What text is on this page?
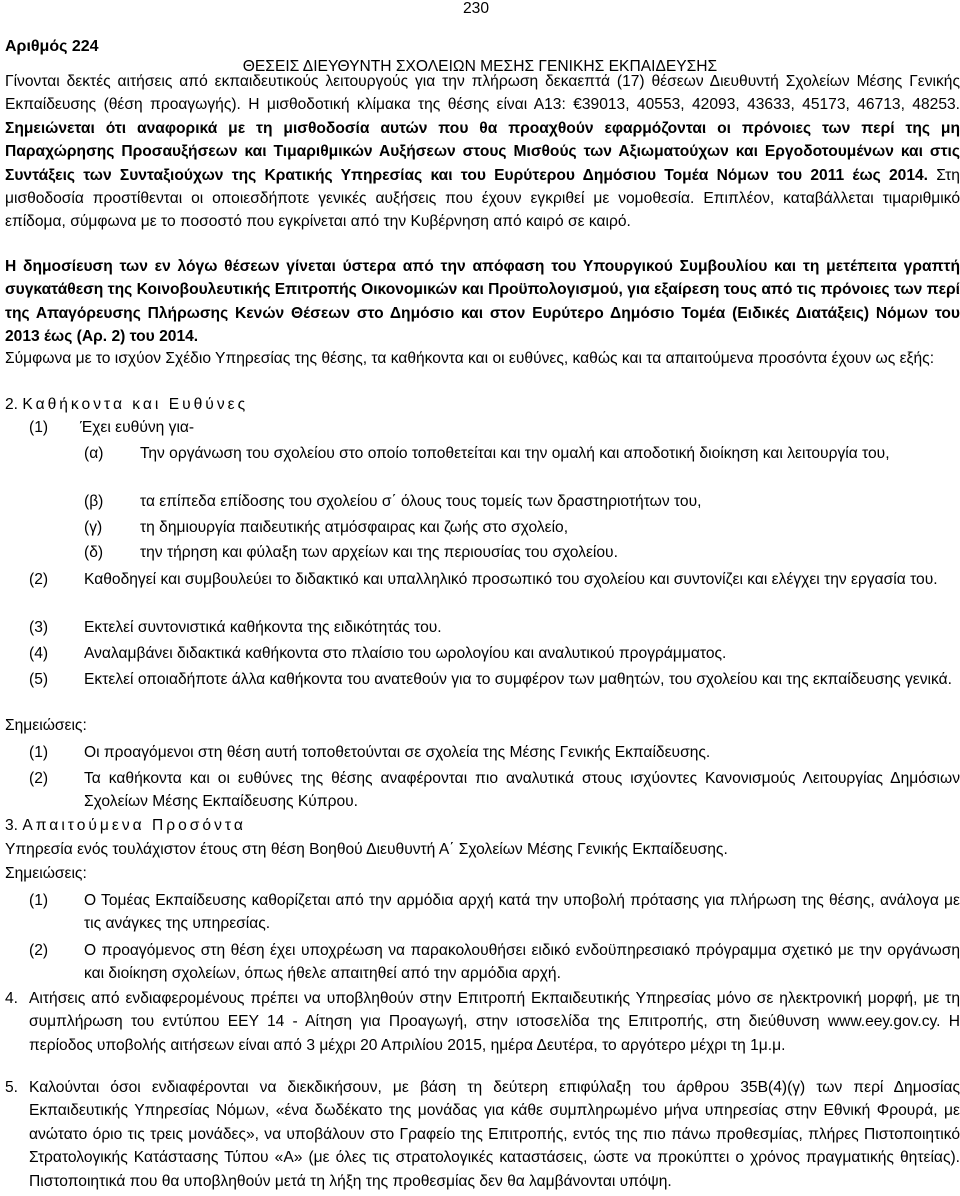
230
Αριθμός 224
ΘΕΣΕΙΣ ΔΙΕΥΘΥΝΤΗ ΣΧΟΛΕΙΩΝ ΜΕΣΗΣ ΓΕΝΙΚΗΣ ΕΚΠΑΙΔΕΥΣΗΣ
Γίνονται δεκτές αιτήσεις από εκπαιδευτικούς λειτουργούς για την πλήρωση δεκαεπτά (17) θέσεων Διευθυντή Σχολείων Μέσης Γενικής Εκπαίδευσης (θέση προαγωγής). Η μισθοδοτική κλίμακα της θέσης είναι Α13: €39013, 40553, 42093, 43633, 45173, 46713, 48253. Σημειώνεται ότι αναφορικά με τη μισθοδοσία αυτών που θα προαχθούν εφαρμόζονται οι πρόνοιες των περί της μη Παραχώρησης Προσαυξήσεων και Τιμαριθμικών Αυξήσεων στους Μισθούς των Αξιωματούχων και Εργοδοτουμένων και στις Συντάξεις των Συνταξιούχων της Κρατικής Υπηρεσίας και του Ευρύτερου Δημόσιου Τομέα Νόμων του 2011 έως 2014. Στη μισθοδοσία προστίθενται οι οποιεσδήποτε γενικές αυξήσεις που έχουν εγκριθεί με νομοθεσία. Επιπλέον, καταβάλλεται τιμαριθμικό επίδομα, σύμφωνα με το ποσοστό που εγκρίνεται από την Κυβέρνηση από καιρό σε καιρό.
Η δημοσίευση των εν λόγω θέσεων γίνεται ύστερα από την απόφαση του Υπουργικού Συμβουλίου και τη μετέπειτα γραπτή συγκατάθεση της Κοινοβουλευτικής Επιτροπής Οικονομικών και Προϋπολογισμού, για εξαίρεση τους από τις πρόνοιες των περί της Απαγόρευσης Πλήρωσης Κενών Θέσεων στο Δημόσιο και στον Ευρύτερο Δημόσιο Τομέα (Ειδικές Διατάξεις) Νόμων του 2013 έως (Αρ. 2) του 2014.
Σύμφωνα με το ισχύον Σχέδιο Υπηρεσίας της θέσης, τα καθήκοντα και οι ευθύνες, καθώς και τα απαιτούμενα προσόντα έχουν ως εξής:
2. Καθήκοντα και Ευθύνες
(1) Έχει ευθύνη για-
(α) Την οργάνωση του σχολείου στο οποίο τοποθετείται και την ομαλή και αποδοτική διοίκηση και λειτουργία του,
(β) τα επίπεδα επίδοσης του σχολείου σ΄ όλους τους τομείς των δραστηριοτήτων του,
(γ) τη δημιουργία παιδευτικής ατμόσφαιρας και ζωής στο σχολείο,
(δ) την τήρηση και φύλαξη των αρχείων και της περιουσίας του σχολείου.
(2) Καθοδηγεί και συμβουλεύει το διδακτικό και υπαλληλικό προσωπικό του σχολείου και συντονίζει και ελέγχει την εργασία του.
(3) Εκτελεί συντονιστικά καθήκοντα της ειδικότητάς του.
(4) Αναλαμβάνει διδακτικά καθήκοντα στο πλαίσιο του ωρολογίου και αναλυτικού προγράμματος.
(5) Εκτελεί οποιαδήποτε άλλα καθήκοντα του ανατεθούν για το συμφέρον των μαθητών, του σχολείου και της εκπαίδευσης γενικά.
Σημειώσεις:
(1) Οι προαγόμενοι στη θέση αυτή τοποθετούνται σε σχολεία της Μέσης Γενικής Εκπαίδευσης.
(2) Τα καθήκοντα και οι ευθύνες της θέσης αναφέρονται πιο αναλυτικά στους ισχύοντες Κανονισμούς Λειτουργίας Δημόσιων Σχολείων Μέσης Εκπαίδευσης Κύπρου.
3. Απαιτούμενα Προσόντα
Υπηρεσία ενός τουλάχιστον έτους στη θέση Βοηθού Διευθυντή Α΄ Σχολείων Μέσης Γενικής Εκπαίδευσης.
Σημειώσεις:
(1) Ο Τομέας Εκπαίδευσης καθορίζεται από την αρμόδια αρχή κατά την υποβολή πρότασης για πλήρωση της θέσης, ανάλογα με τις ανάγκες της υπηρεσίας.
(2) Ο προαγόμενος στη θέση έχει υποχρέωση να παρακολουθήσει ειδικό ενδοϋπηρεσιακό πρόγραμμα σχετικό με την οργάνωση και διοίκηση σχολείων, όπως ήθελε απαιτηθεί από την αρμόδια αρχή.
4. Αιτήσεις από ενδιαφερομένους πρέπει να υποβληθούν στην Επιτροπή Εκπαιδευτικής Υπηρεσίας μόνο σε ηλεκτρονική μορφή, με τη συμπλήρωση του εντύπου ΕΕΥ 14 - Αίτηση για Προαγωγή, στην ιστοσελίδα της Επιτροπής, στη διεύθυνση www.eey.gov.cy. Η περίοδος υποβολής αιτήσεων είναι από 3 μέχρι 20 Απριλίου 2015, ημέρα Δευτέρα, το αργότερο μέχρι τη 1μ.μ.
5. Καλούνται όσοι ενδιαφέρονται να διεκδικήσουν, με βάση τη δεύτερη επιφύλαξη του άρθρου 35Β(4)(γ) των περί Δημοσίας Εκπαιδευτικής Υπηρεσίας Νόμων, «ένα δωδέκατο της μονάδας για κάθε συμπληρωμένο μήνα υπηρεσίας στην Εθνική Φρουρά, με ανώτατο όριο τις τρεις μονάδες», να υποβάλουν στο Γραφείο της Επιτροπής, εντός της πιο πάνω προθεσμίας, πλήρες Πιστοποιητικό Στρατολογικής Κατάστασης Τύπου «Α» (με όλες τις στρατολογικές καταστάσεις, ώστε να προκύπτει ο χρόνος πραγματικής θητείας). Πιστοποιητικά που θα υποβληθούν μετά τη λήξη της προθεσμίας δεν θα λαμβάνονται υπόψη.
